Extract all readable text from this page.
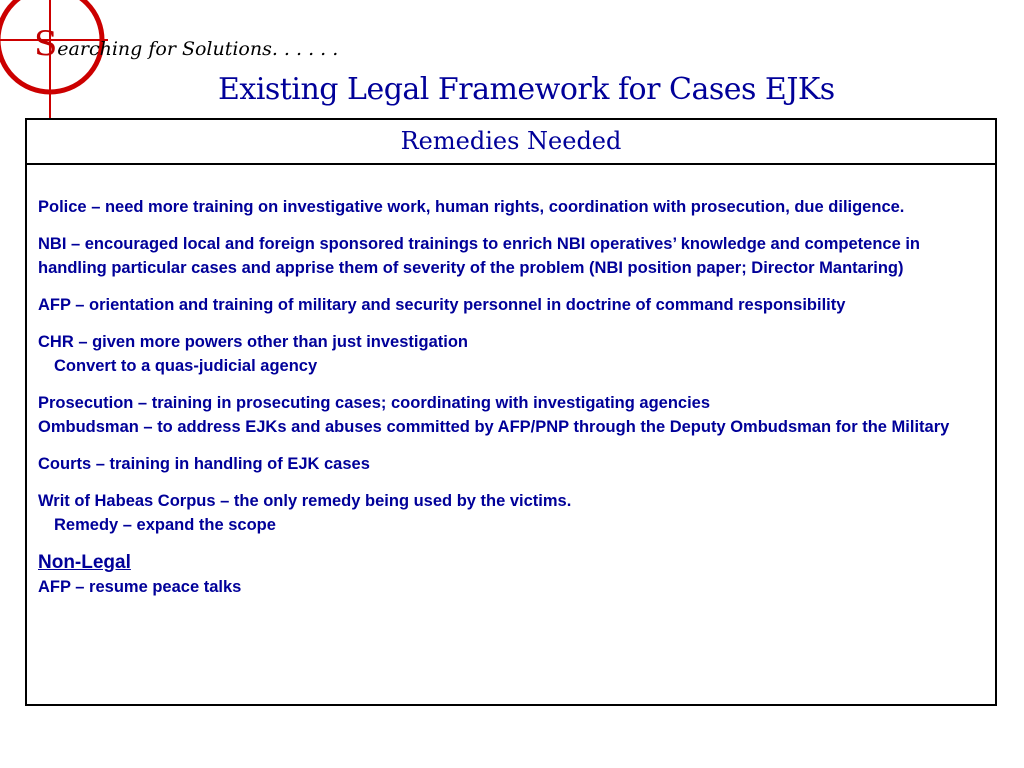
Searching for Solutions. . . . . .
Existing Legal Framework for Cases EJKs
Remedies Needed

Police – need more training on investigative work, human rights, coordination with prosecution, due diligence.

NBI – encouraged local and foreign sponsored trainings to enrich NBI operatives’ knowledge and competence in handling particular cases and apprise them of severity of the problem (NBI position paper; Director Mantaring)

AFP – orientation and training of military and security personnel in doctrine of command responsibility

CHR – given more powers other than just investigation
Convert to a quas-judicial agency

Prosecution – training in prosecuting cases; coordinating with investigating agencies
Ombudsman – to address EJKs and abuses committed by AFP/PNP through the Deputy Ombudsman for the Military

Courts – training in handling of EJK cases

Writ of Habeas Corpus – the only remedy being used by the victims.
Remedy – expand the scope

Non-Legal
AFP – resume peace talks
